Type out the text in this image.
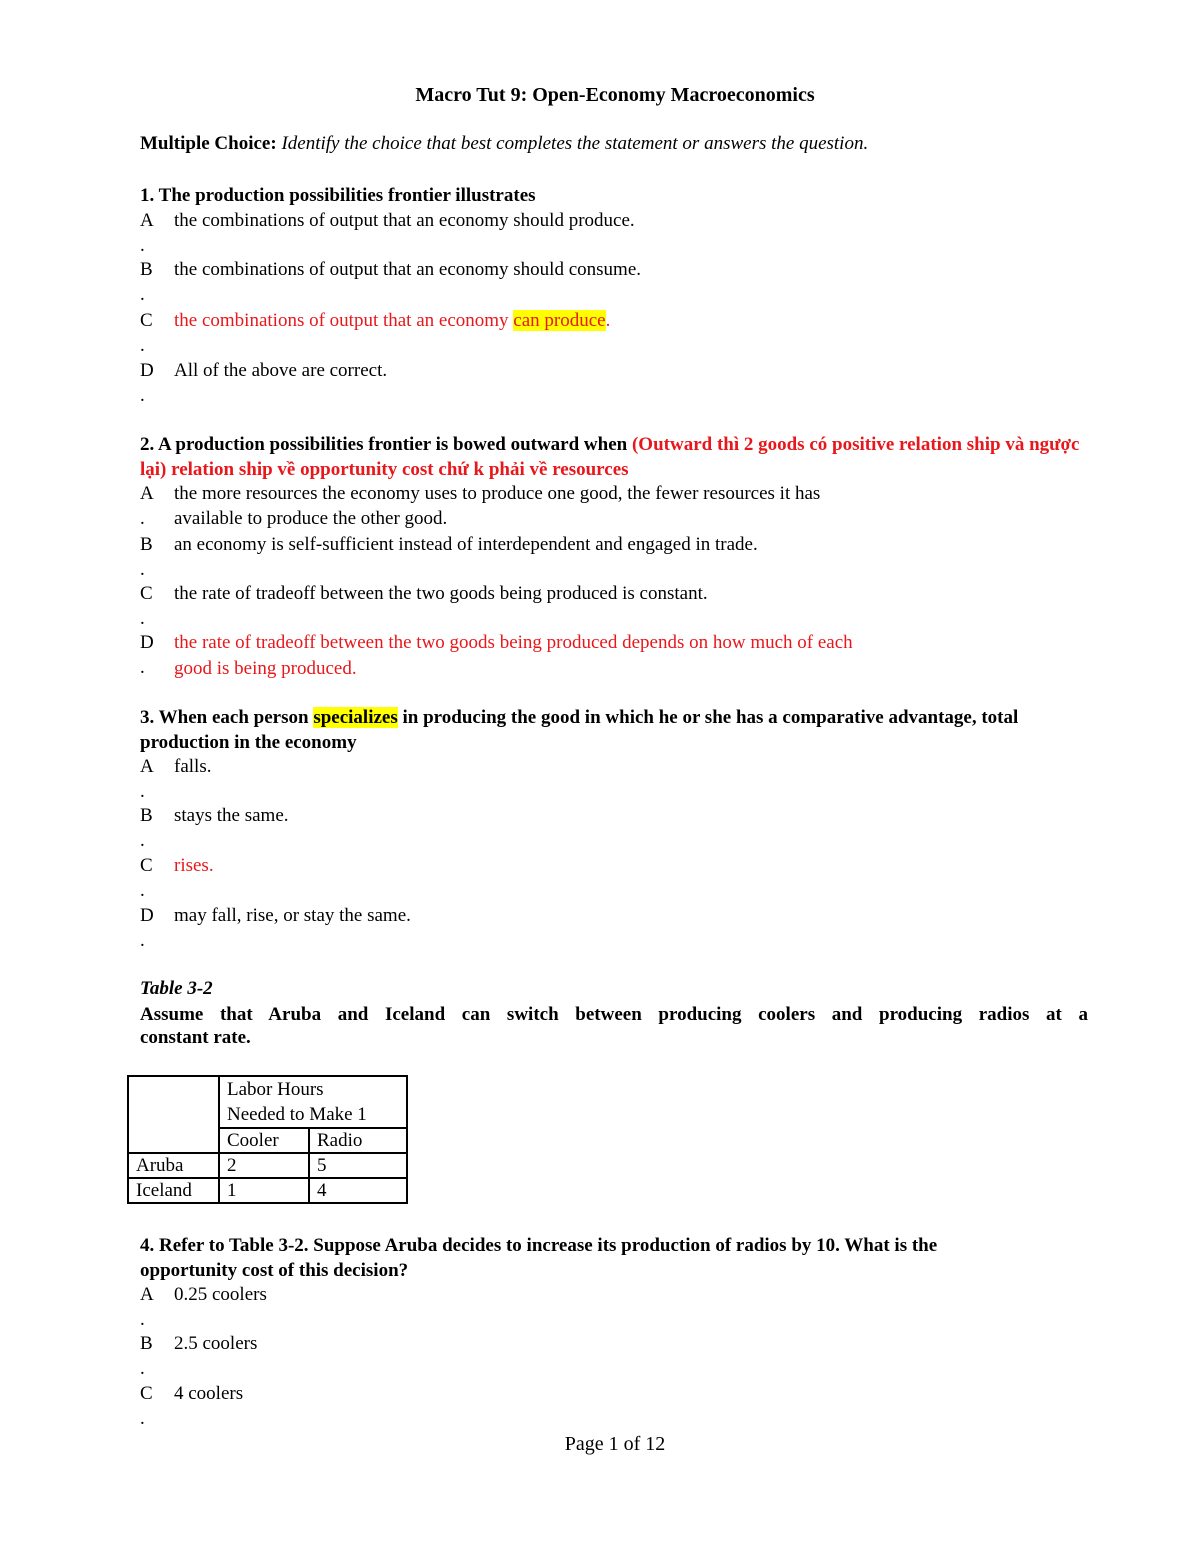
Macro Tut 9: Open-Economy Macroeconomics
Multiple Choice: Identify the choice that best completes the statement or answers the question.
1. The production possibilities frontier illustrates
A the combinations of output that an economy should produce.
.
B the combinations of output that an economy should consume.
.
C the combinations of output that an economy can produce.
.
D All of the above are correct.
.
2. A production possibilities frontier is bowed outward when (Outward thì 2 goods có positive relation ship và ngược lại) relation ship về opportunity cost chứ k phải về resources
A the more resources the economy uses to produce one good, the fewer resources it has
. available to produce the other good.
B an economy is self-sufficient instead of interdependent and engaged in trade.
.
C the rate of tradeoff between the two goods being produced is constant.
.
D the rate of tradeoff between the two goods being produced depends on how much of each
. good is being produced.
3. When each person specializes in producing the good in which he or she has a comparative advantage, total production in the economy
A falls.
.
B stays the same.
.
C rises.
.
D may fall, rise, or stay the same.
.
Table 3-2
Assume that Aruba and Iceland can switch between producing coolers and producing radios at a
constant rate.

	Labor Hours
Needed to Make 1	

	Cooler	Radio
Aruba	2	5
Iceland	1	4
4. Refer to Table 3-2. Suppose Aruba decides to increase its production of radios by 10. What is the
opportunity cost of this decision?
A 0.25 coolers
.
B 2.5 coolers
.
C 4 coolers
.
Page 1 of 12
